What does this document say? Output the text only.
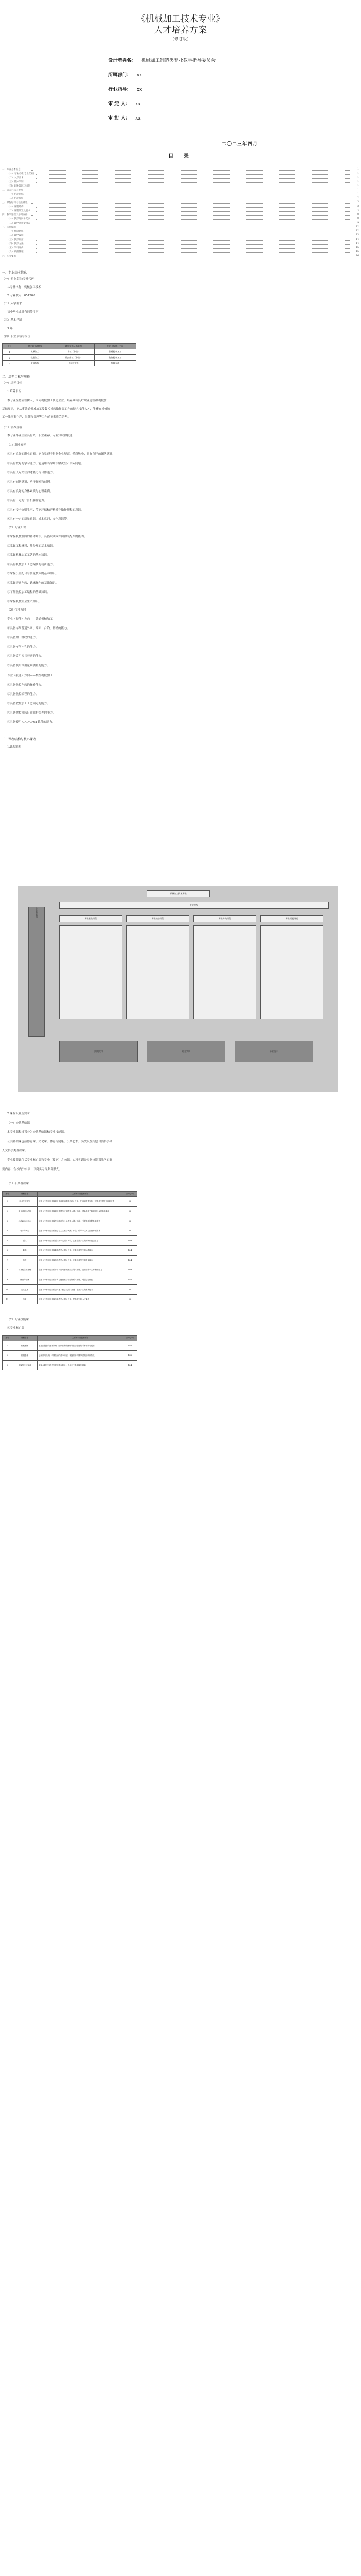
《机械加工技术专业》
人才培养方案
（修订版）
设计者姓名： 机械加工制造类专业教学指导委员会
所属部门： xx
行业指导： xx
审 定 人： xx
审 批 人： xx
二〇二三年四月
目 录
一、专业基本信息	1
（一）专业名称/专业代码	1
（二）入学要求	1
（三）基本学制	1
（四）职业领域与岗位	1
二、培养目标与规格	1
（一）培养目标	1
（二）培养规格	2
三、课程结构与核心课程	3
（一）课程结构	3
（二）课程设置及要求	4
四、教学进程及学时安排	8
（一）教学时间分配表	8
（二）教学进程安排表	9
五、实施保障	12
（一）师资队伍	12
（二）教学设施	13
（三）教学资源	14
（四）教学方法	14
（五）学习评价	15
（六）质量管理	15
六、毕业要求	16
一、专业基本信息
（一）专业名称/专业代码
1.专业名称：机械加工技术
2.专业代码：051200
（二）入学要求
初中毕业或具有同等学历
（三）基本学制
3 年
（四）职业领域与岗位
序号	对应职业(岗位)	职业资格证书举例	专业（技能）方向
1	机械加工	车工（中级）	普通机械加工
2	数控加工	数控车工（中级）	数控机械加工
3	质量检验	机械检验工	机械检测
二、培养目标与规格
（一）培养目标
1.培养目标
本专业坚持立德树人，面向机械加工制造企业，培养具有良好职业道德和机械加工
基础知识，能从事普通机械加工及数控机床操作等工作的技术技能人才，能够在机械加
工一线从事生产、服务和管理等工作的高素质劳动者。
（二）培养规格
本专业毕业生应具有以下职业素养、专业知识和技能：
（1）职业素养
①具有良好的职业道德，能自觉遵守行业企业规范，爱岗敬业，具有良好的团队意识。
②具有较好的学习能力，能运用所学知识解决生产实际问题。
③具有人际交往沟通能力与合作能力。
④具有创新意识，勇于探索和创新。
⑤具有良好的身体素质与心理素质。
⑥具有一定的计算机操作能力。
⑦具有安全文明生产、节能环保和严格遵守操作规程的意识。
⑧具有一定的质量意识，成本意识，安全意识等。
（2）专业知识
①掌握机械制图的基本知识，具备识读零件图和装配图的能力。
②掌握工程材料、热处理的基本知识。
③掌握机械加工工艺的基本知识。
④具有机械加工工艺编制的初步能力。
⑤掌握公差配合与测量技术的基本知识。
⑥掌握普通车床、铣床操作的基础知识。
⑦了解数控加工编程的基础知识。
⑧掌握机械安全生产知识。
（3）技能方向
专业（技能）方向——普通机械加工
①具备车削普通外圆、端面、台阶、切槽的能力。
②具备加工螺纹的能力。
③具备车削内孔的能力。
④具备常用刀具刃磨的能力。
⑤具备使用常用量具测量的能力。
专业（技能）方向——数控机械加工
①具备数控车床的操作能力。
②具备数控编程的能力。
③具备数控加工工艺制定的能力。
④具备数控机床日常维护保养的能力。
⑤具备使用 CAD/CAM 软件的能力。
三、课程结构与核心课程
1.课程结构
机械加工技术专业
公共基础课
专业课程
专业基础课程	专业核心课程	专业方向课程	专业拓展课程
顶岗实习	综合实训	毕业设计
2.课程设置及要求
（一）公共基础课
本专业课程设置分为公共基础课和专业技能课。
公共基础课包括德育课、文化课、体育与健康、公共艺术、历史以及其他自然科学和
人文科学类基础课。
专业技能课包括专业核心课和专业（技能）方向课，实习实训是专业技能课教学的重
要内容，含校内外实训、顶岗实习等多种形式。
（1）公共基础课
序号	课程名称	主要教学内容和要求	参考学时
1	职业生涯规划	依据《中等职业学校职业生涯规划教学大纲》开设，并注重联系实际，引导学生树立正确职业观	36
2	职业道德与法律	依据《中等职业学校职业道德与法律教学大纲》开设，帮助学生了解文明礼仪的基本要求	36
3	经济政治与社会	依据《中等职业学校经济政治与社会教学大纲》开设，引导学生掌握基本观点	36
4	哲学与人生	依据《中等职业学校哲学与人生教学大纲》开设，引导学生树立正确的世界观	36
5	语文	依据《中等职业学校语文教学大纲》开设，注重培养学生的阅读和表达能力	198
6	数学	依据《中等职业学校数学教学大纲》开设，注重培养学生的运算能力	144
7	英语	依据《中等职业学校英语教学大纲》开设，注重培养学生的听说能力	144
8	计算机应用基础	依据《中等职业学校计算机应用基础教学大纲》开设，注重培养学生的操作能力	108
9	体育与健康	依据《中等职业学校体育与健康教学指导纲要》开设，增强学生体质	144
10	公共艺术	依据《中等职业学校公共艺术教学大纲》开设，提高学生的审美能力	36
11	历史	依据《中等职业学校历史教学大纲》开设，提高学生的人文素养	36
（2）专业技能课
①专业核心课
序号	课程名称	主要教学内容和要求	参考学时
1	机械制图	掌握正投影的基本原理，能识读和绘制中等复杂程度的零件图和装配图	144
2	机械基础	了解常用机构、机械传动的基本知识，掌握常用机械零件的结构和特点	108
3	金属加工与实训	掌握金属材料及热处理的基本知识，具备车工基本操作技能	144
